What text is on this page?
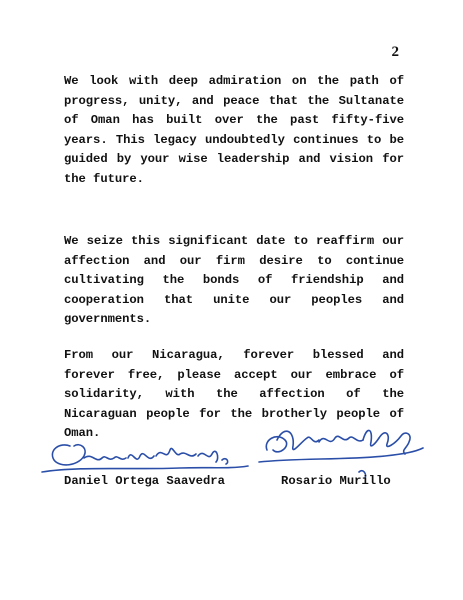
2

We look with deep admiration on the path of progress, unity, and peace that the Sultanate of Oman has built over the past fifty-five years. This legacy undoubtedly continues to be guided by your wise leadership and vision for the future.

We seize this significant date to reaffirm our affection and our firm desire to continue cultivating the bonds of friendship and cooperation that unite our peoples and governments.

From our Nicaragua, forever blessed and forever free, please accept our embrace of solidarity, with the affection of the Nicaraguan people for the brotherly people of Oman.

Daniel Ortega Saavedra	Rosario Murillo
